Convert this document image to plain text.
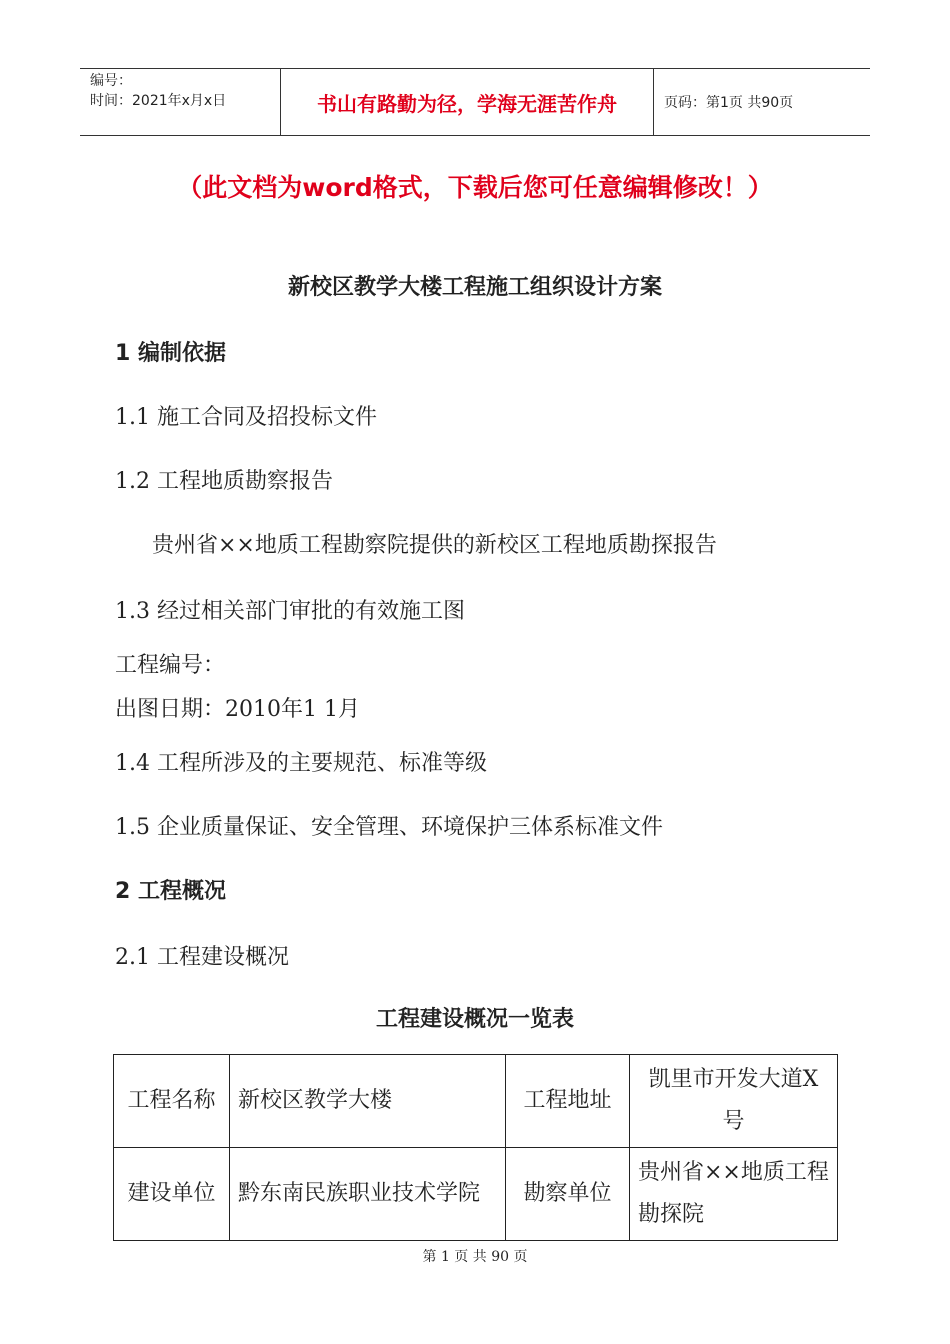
编号：
时间：2021年x月x日	书山有路勤为径，学海无涯苦作舟	页码：第1页 共90页
（此文档为word格式，下载后您可任意编辑修改！）
新校区教学大楼工程施工组织设计方案
1 编制依据
1.1 施工合同及招投标文件
1.2 工程地质勘察报告
贵州省××地质工程勘察院提供的新校区工程地质勘探报告
1.3 经过相关部门审批的有效施工图
工程编号：
出图日期：2010年1 1月
1.4 工程所涉及的主要规范、标准等级
1.5 企业质量保证、安全管理、环境保护三体系标准文件
2 工程概况
2.1 工程建设概况
工程建设概况一览表
工程名称	新校区教学大楼	工程地址	凯里市开发大道X号
建设单位	黔东南民族职业技术学院	勘察单位	贵州省××地质工程勘探院
第 1 页 共 90 页
